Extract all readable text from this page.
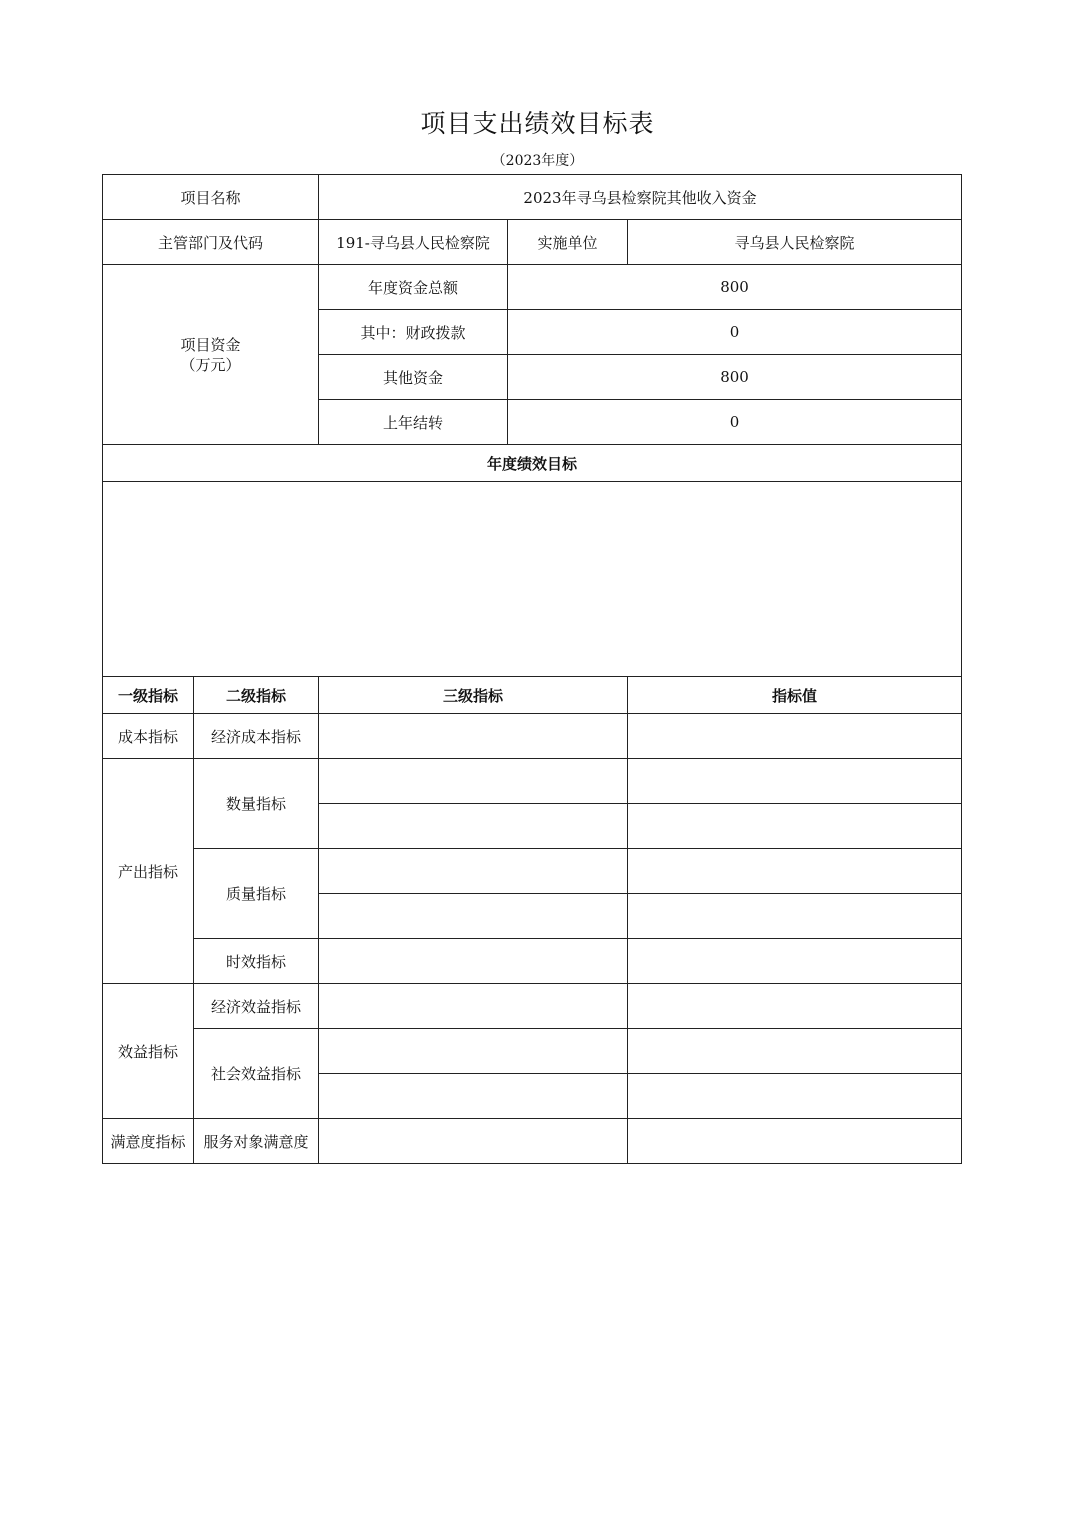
项目支出绩效目标表
（2023年度）
项目名称		2023年寻乌县检察院其他收入资金		
主管部门及代码		191-寻乌县人民检察院	实施单位	寻乌县人民检察院

项目资金
（万元）		年度资金总额	800	
		其中：财政拨款	0	
		其他资金	800	
		上年结转	0	
年度绩效目标				

一级指标	二级指标	三级指标		指标值
成本指标	经济成本指标			
产出指标	数量指标			

	质量指标			

	时效指标			
效益指标	经济效益指标			
	社会效益指标			

满意度指标	服务对象满意度			
